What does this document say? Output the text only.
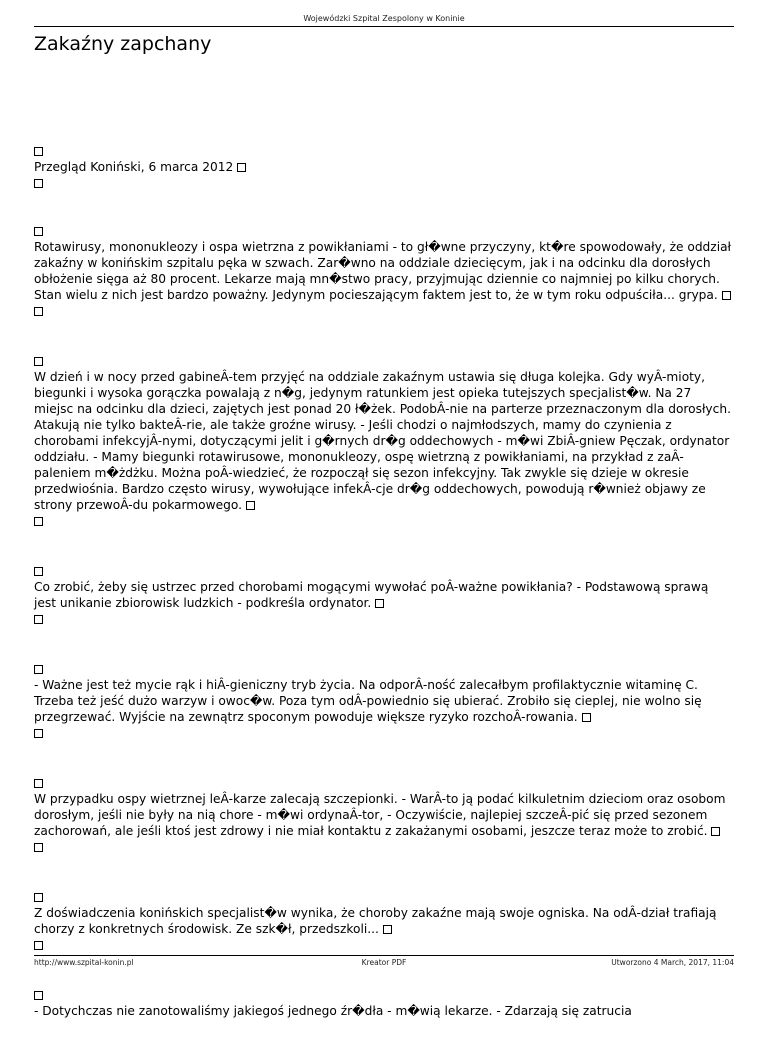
Wojewódzki Szpital Zespolony w Koninie
Zakaźny zapchany
Przegląd Koniński, 6 marca 2012
Rotawirusy, mononukleozy i ospa wietrzna z powikłaniami - to gł�wne przyczyny, kt�re spowodowały, że oddział zakaźny w konińskim szpitalu pęka w szwach. Zar�wno na oddziale dziecięcym, jak i na odcinku dla dorosłych obłożenie sięga aż 80 procent. Lekarze mają mn�stwo pracy, przyjmując dziennie co najmniej po kilku chorych. Stan wielu z nich jest bardzo poważny. Jedynym pocieszającym faktem jest to, że w tym roku odpuściła... grypa.
W dzień i w nocy przed gabineÂ-tem przyjęć na oddziale zakaźnym ustawia się długa kolejka. Gdy wyÂ-mioty, biegunki i wysoka gorączka powalają z n�g, jedynym ratunkiem jest opieka tutejszych specjalist�w. Na 27 miejsc na odcinku dla dzieci, zajętych jest ponad 20 ł�żek. PodobÂ-nie na parterze przeznaczonym dla dorosłych. Atakują nie tylko bakteÂ-rie, ale także groźne wirusy. - Jeśli chodzi o najmłodszych, mamy do czynienia z chorobami infekcyjÂ-nymi, dotyczącymi jelit i g�rnych dr�g oddechowych - m�wi ZbiÂ-gniew Pęczak, ordynator oddziału. - Mamy biegunki rotawirusowe, mononukleozy, ospę wietrzną z powikłaniami, na przykład z zaÂ-paleniem m�żdżku. Można poÂ-wiedzieć, że rozpoczął się sezon infekcyjny. Tak zwykle się dzieje w okresie przedwiośnia. Bardzo często wirusy, wywołujące infekÂ-cje dr�g oddechowych, powodują r�wnież objawy ze strony przewoÂ-du pokarmowego.
Co zrobić, żeby się ustrzec przed chorobami mogącymi wywołać poÂ-ważne powikłania? - Podstawową sprawą jest unikanie zbiorowisk ludzkich - podkreśla ordynator.
- Ważne jest też mycie rąk i hiÂ-gieniczny tryb życia. Na odporÂ-ność zalecałbym profilaktycznie witaminę C. Trzeba też jeść dużo warzyw i owoc�w. Poza tym odÂ-powiednio się ubierać. Zrobiło się cieplej, nie wolno się przegrzewać. Wyjście na zewnątrz spoconym powoduje większe ryzyko rozchoÂ-rowania.
W przypadku ospy wietrznej leÂ-karze zalecają szczepionki. - WarÂ-to ją podać kilkuletnim dzieciom oraz osobom dorosłym, jeśli nie były na nią chore - m�wi ordynaÂ-tor, - Oczywiście, najlepiej szczeÂ-pić się przed sezonem zachorowań, ale jeśli ktoś jest zdrowy i nie miał kontaktu z zakażanymi osobami, jeszcze teraz może to zrobić.
Z doświadczenia konińskich specjalist�w wynika, że choroby zakaźne mają swoje ogniska. Na odÂ-dział trafiają chorzy z konkretnych środowisk. Ze szk�ł, przedszkoli...
- Dotychczas nie zanotowaliśmy jakiegoś jednego źr�dła - m�wią lekarze. - Zdarzają się zatrucia
http://www.szpital-konin.pl	Kreator PDF	Utworzono 4 March, 2017, 11:04
